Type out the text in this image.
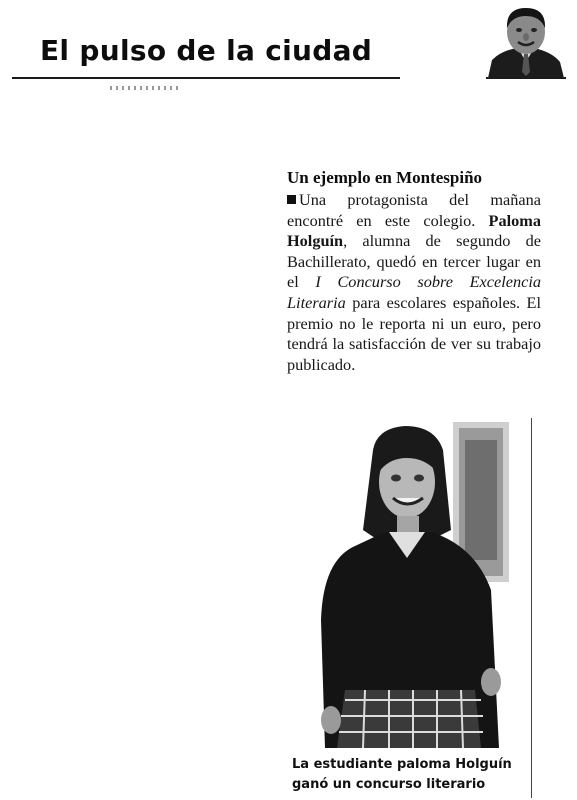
El pulso de la ciudad
Un ejemplo en Montespiño

Una protagonista del mañana encontré en este colegio. Paloma Holguín, alumna de segundo de Bachillerato, quedó en tercer lugar en el I Concurso sobre Excelencia Literaria para escolares españoles. El premio no le reporta ni un euro, pero tendrá la satisfacción de ver su trabajo publicado.

La estudiante paloma Holguín ganó un concurso literario
